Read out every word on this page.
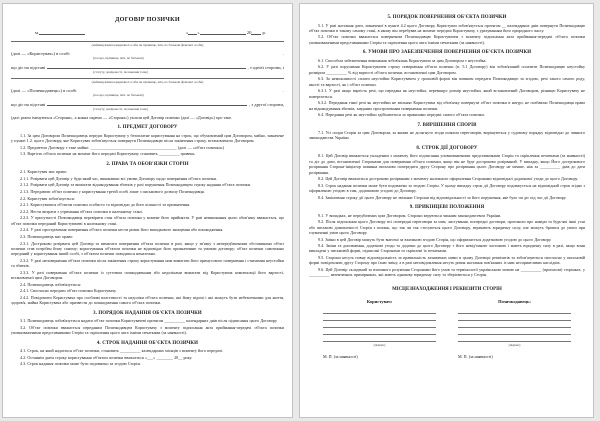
ДОГОВІР ПОЗИЧКИ
м.	« »	20 р.
(найменування юридичної особи чи прізвище, ім'я, по батькові фізичної особи)
(далі — «Користувач») в особі	.
(посада, прізвище, ім'я, по батькові)
що діє на підставі	, з однієї сторони, і
(статуту, довіреності, положення тощо)
(найменування юридичної особи чи прізвище, ім'я, по батькові фізичної особи)
(далі — «Позичкодавець») в особі	.
(посада, прізвище, ім'я, по батькові)
що діє на підставі	, з другої сторони,
(статуту, довіреності, положення тощо)
(далі разом іменуються «Сторони», а кожна окремо — «Сторона») уклали цей Договір позички (далі — «Договір») про таке.
1. ПРЕДМЕТ ДОГОВОРУ
1.1. За цим Договором Позичкодавець передає Користувачу у безоплатне користування на строк, що обумовлений цим Договором, майно, зазначене у пункті 1.2. цього Договору, яке Користувач зобов'язується повернути Позичкодавцю після закінчення строку, встановленого Договором.
1.2. Предметом Договору є таке майно: __________________________________________ (далі — «об'єкт позички»)
1.3. Вартість об'єкта позички на момент його передачі Користувачу становить __________ гривень.
2. ПРАВА ТА ОБОВ'ЯЗКИ СТОРІН
2.1. Користувач має право:
2.1.1. Розірвати цей Договір у будь-який час, виконавши всі умови Договору щодо повернення об'єкта позички.
2.1.2. Розірвати цей Договір та вимагати відшкодування збитків у разі порушення Позичкодавцем строку надання об'єкта позички.
2.1.3. Передавати об'єкт позички у користування третій особі лише з письмового дозволу Позичкодавця.
2.2. Користувач зобов'язується:
2.2.1. Користуватися об'єктом позички особисто та відповідно до його кількості та призначення.
2.2.2. Нести витрати з утримання об'єкта позички в належному стані.
2.2.3. У присутності Позичкодавця перевірити стан об'єкта позички у момент його прийняття. У разі невиконання цього обов'язку вважається, що об'єкт позички переданий Користувачеві в належному стані.
2.2.4. У разі прострочення повернення об'єкта позички нести ризик його випадкового знищення або пошкодження.
2.3. Позичкодавець має право:
2.3.1. Достроково розірвати цей Договір та вимагати повернення об'єкта позички в разі, якщо у зв'язку з непередбаченими обставинами об'єкт позички став потрібен йому самому; користування об'єктом позички не відповідає його призначенню та умовам договору; об'єкт позички самочинно переданий у користування іншій особі, з об'єктом позички поводяться неналежно.
2.3.2. У разі неповернення об'єкта позички після закінчення строку користування ним вимагати його примусового повернення і стягнення неустойки та збитків.
2.3.3. У разі повернення об'єкта позички із суттєвим пошкодженням або недоліками вимагати від Користувача компенсації його вартості, встановленої цим Договором.
2.4. Позичкодавець зобов'язується:
2.4.1. Своєчасно передати об'єкт позички Користувачу.
2.4.2. Повідомити Користувача про особливі властивості та недоліки об'єкта позички, які йому відомі і які можуть бути небезпечними для життя, здоров'я, майна Користувача або призвести до пошкодження самого об'єкта позички.
3. ПОРЯДОК НАДАННЯ ОБ'ЄКТА ПОЗИЧКИ
3.1. Позичкодавець зобов'язується надати об'єкт позички Користувачеві протягом __________ календарних днів після підписання цього Договору.
3.2. Об'єкт позички вважається переданим Позичкодавцем Користувачу з моменту підписання акта приймання-передачі об'єкта позички уповноваженими представниками Сторін та скріплення цього акта їхніми печатками (за наявності).
4. СТРОК НАДАННЯ ОБ'ЄКТА ПОЗИЧКИ
4.1. Строк, на який надається об'єкт позички, становить __________ календарних місяців з моменту його передачі.
4.2. Останнім днем строку користування об'єктом позички вважається «___» ________ 20__ року.
4.3. Строк надання позички може бути подовжено за згодою Сторін.
5. ПОРЯДОК ПОВЕРНЕННЯ ОБ'ЄКТА ПОЗИЧКИ
5.1. У разі настання дати, зазначеної в пункті 4.2 цього Договору, Користувач зобов'язується протягом __ календарних днів повернути Позичкодавцю об'єкт позички в такому самому стані, в якому він перебував на момент передачі Користувачу, з урахуванням його природного зносу.
5.2. Об'єкт позички вважається поверненим Позичкодавцю Користувачем з моменту підписання акта приймання-передачі об'єкта позички уповноваженими представниками Сторін та скріплення цього акта їхніми печатками (за наявності).
6. УМОВИ ПРО ЗАБЕЗПЕЧЕННЯ ПОВЕРНЕННЯ ОБ'ЄКТА ПОЗИЧКИ
6.1. Способом забезпечення виконання зобов'язань Користувача за цим Договором є неустойка.
6.2. У разі порушення Користувачем строку повернення об'єкта позички (п. 5.1 Договору) він зобов'язаний сплатити Позичкодавцю неустойку розміром __________ % від вартості об'єкта позички, встановленої цим Договором.
6.3. За неможливості сплати неустойки Користувачем у грошовій формі він повинен передати Позичкодавцю за згодою, речі такого самого роду, якості та вартості, як і об'єкт позички.
6.3.1. У разі якщо вартість речі, що передана як неустойка, перевищує розмір неустойки, який встановлений Договором, різницю Користувачу не повертається.
6.3.2. Передання такої речі як неустойки не звільняє Користувача від обов'язку повернути об'єкт позички в натурі, не позбавляє Позичкодавця права на відшкодування збитків, завданих простроченням повернення позички.
6.4. Передання речі як неустойки здійснюється за правилами передачі самого об'єкта позички.
7. ВИРІШЕННЯ СПОРІВ
7.1. Усі спори Сторін за цим Договором, за якими не досягнуто згоди шляхом переговорів, вирішуються у судовому порядку відповідно до чинного законодавства України.
8. СТРОК ДІЇ ДОГОВОРУ
8.1. Цей Договір вважається укладеним з моменту його підписання уповноваженими представниками Сторін та скріплення печатками (за наявності) та діє до дати, встановленої Сторонами для повернення об'єкта позички, якщо він не буде достроково розірваний. У випадку, якщо Його дострокового розірвання Сторона-ініціатор повинна письмово попередити другу Сторону про розірвання цього Договору не менше, ніж за __________ днів до дати розірвання.
8.2. Цей Договір вважається достроково розірваним з моменту належного оформлення Сторонами відповідної додаткової угоди до цього Договору.
8.3. Строк надання позички може бути подовжено за згодою Сторін. У цьому випадку строк дії Договору подовжується на відповідний строк згідно з оформленою угодою в тим, додатковою угодою до Договору.
8.4. Закінчення строку дії цього Договору не звільняє Сторони від відповідальності за його порушення, яке було чи діє під час дії Договору.
9. ПРИКІНЦЕВІ ПОЛОЖЕННЯ
9.1. У випадках, не передбачених цим Договором, Сторони керуються чинним законодавством України.
9.2. Після підписання цього Договору всі попередні переговори за ним, листування, попередні договори, протоколи про наміри та будь-які інші усні або письмові домовленості Сторін з питань, що так чи так стосуються цього Договору, втрачають юридичну силу, але можуть братися до уваги при тлумаченні умов цього Договору.
9.3. Зміни в цей Договір можуть бути внесені за взаємною згодою Сторін, що оформляється додатковою угодою до цього Договору.
9.4. Зміни та доповнення, додаткові угоди та додатки до цього Договору є його невід'ємною частиною і мають юридичну силу в разі, якщо вони викладені у письмовій формі, підписані Сторонами та скріплені їх печатками.
9.5. Сторони несуть повну відповідальність за правильність зазначених ними в цьому Договорі реквізитів та зобов'язуються своєчасно у письмовій формі повідомляти другу Сторону про їхню зміну, а в разі неповідомлення несуть ризик настання пов'язаних із ним несприятливих наслідків.
9.6. Цей Договір складений за взаємного розуміння Сторонами його умов та термінології українською мовою на __________ (прописом) сторінках, у __________ автентичних примірниках, які мають однакову юридичну силу та зберігаються у Сторін.
МІСЦЕЗНАХОДЖЕННЯ І РЕКВІЗИТИ СТОРІН
Користувач:
(підпис)
М. П. (за наявності)
Позичкодавець:
(підпис)
М. П. (за наявності)
